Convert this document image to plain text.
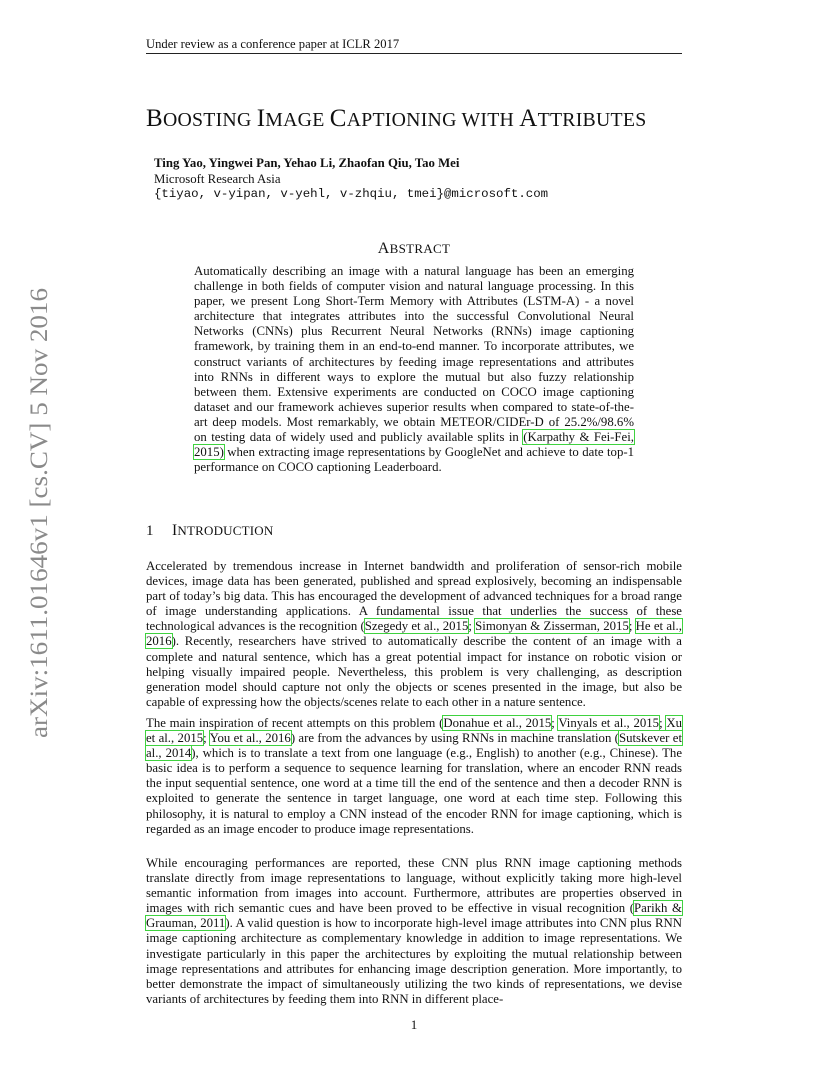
Under review as a conference paper at ICLR 2017
arXiv:1611.01646v1 [cs.CV] 5 Nov 2016
BOOSTING IMAGE CAPTIONING WITH ATTRIBUTES
Ting Yao, Yingwei Pan, Yehao Li, Zhaofan Qiu, Tao Mei
Microsoft Research Asia
{tiyao, v-yipan, v-yehl, v-zhqiu, tmei}@microsoft.com
ABSTRACT
Automatically describing an image with a natural language has been an emerging challenge in both fields of computer vision and natural language processing. In this paper, we present Long Short-Term Memory with Attributes (LSTM-A) - a novel architecture that integrates attributes into the successful Convolutional Neural Networks (CNNs) plus Recurrent Neural Networks (RNNs) image captioning framework, by training them in an end-to-end manner. To incorporate attributes, we construct variants of architectures by feeding image representations and attributes into RNNs in different ways to explore the mutual but also fuzzy relationship between them. Extensive experiments are conducted on COCO image captioning dataset and our framework achieves superior results when compared to state-of-the-art deep models. Most remarkably, we obtain METEOR/CIDEr-D of 25.2%/98.6% on testing data of widely used and publicly available splits in (Karpathy & Fei-Fei, 2015) when extracting image representations by GoogleNet and achieve to date top-1 performance on COCO captioning Leaderboard.
1 INTRODUCTION

Accelerated by tremendous increase in Internet bandwidth and proliferation of sensor-rich mobile devices, image data has been generated, published and spread explosively, becoming an indispensable part of today’s big data. This has encouraged the development of advanced techniques for a broad range of image understanding applications. A fundamental issue that underlies the success of these technological advances is the recognition (Szegedy et al., 2015; Simonyan & Zisserman, 2015; He et al., 2016). Recently, researchers have strived to automatically describe the content of an image with a complete and natural sentence, which has a great potential impact for instance on robotic vision or helping visually impaired people. Nevertheless, this problem is very challenging, as description generation model should capture not only the objects or scenes presented in the image, but also be capable of expressing how the objects/scenes relate to each other in a nature sentence.

The main inspiration of recent attempts on this problem (Donahue et al., 2015; Vinyals et al., 2015; Xu et al., 2015; You et al., 2016) are from the advances by using RNNs in machine translation (Sutskever et al., 2014), which is to translate a text from one language (e.g., English) to another (e.g., Chinese). The basic idea is to perform a sequence to sequence learning for translation, where an encoder RNN reads the input sequential sentence, one word at a time till the end of the sentence and then a decoder RNN is exploited to generate the sentence in target language, one word at each time step. Following this philosophy, it is natural to employ a CNN instead of the encoder RNN for image captioning, which is regarded as an image encoder to produce image representations.

While encouraging performances are reported, these CNN plus RNN image captioning methods translate directly from image representations to language, without explicitly taking more high-level semantic information from images into account. Furthermore, attributes are properties observed in images with rich semantic cues and have been proved to be effective in visual recognition (Parikh & Grauman, 2011). A valid question is how to incorporate high-level image attributes into CNN plus RNN image captioning architecture as complementary knowledge in addition to image representations. We investigate particularly in this paper the architectures by exploiting the mutual relationship between image representations and attributes for enhancing image description generation. More importantly, to better demonstrate the impact of simultaneously utilizing the two kinds of representations, we devise variants of architectures by feeding them into RNN in different place-

1
